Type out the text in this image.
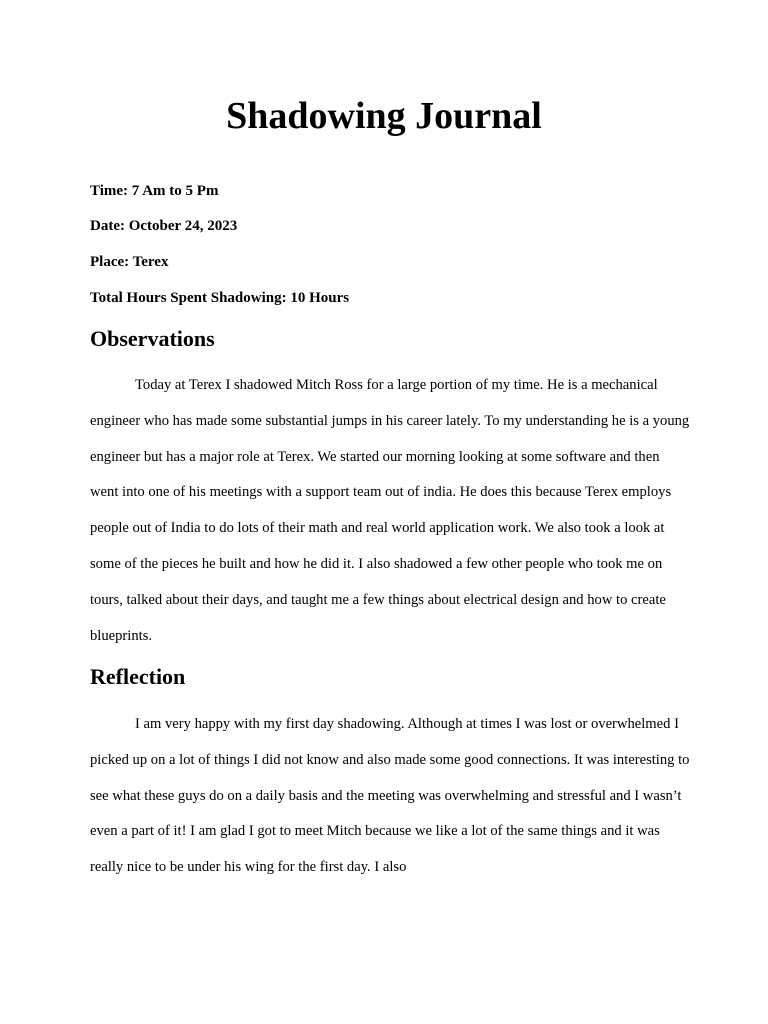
Shadowing Journal

Time: 7 Am to 5 Pm

Date: October 24, 2023

Place: Terex

Total Hours Spent Shadowing: 10 Hours

Observations

Today at Terex I shadowed Mitch Ross for a large portion of my time. He is a mechanical engineer who has made some substantial jumps in his career lately. To my understanding he is a young engineer but has a major role at Terex. We started our morning looking at some software and then went into one of his meetings with a support team out of india. He does this because Terex employs people out of India to do lots of their math and real world application work. We also took a look at some of the pieces he built and how he did it. I also shadowed a few other people who took me on tours, talked about their days, and taught me a few things about electrical design and how to create blueprints.

Reflection

I am very happy with my first day shadowing. Although at times I was lost or overwhelmed I picked up on a lot of things I did not know and also made some good connections. It was interesting to see what these guys do on a daily basis and the meeting was overwhelming and stressful and I wasn’t even a part of it! I am glad I got to meet Mitch because we like a lot of the same things and it was really nice to be under his wing for the first day. I also
